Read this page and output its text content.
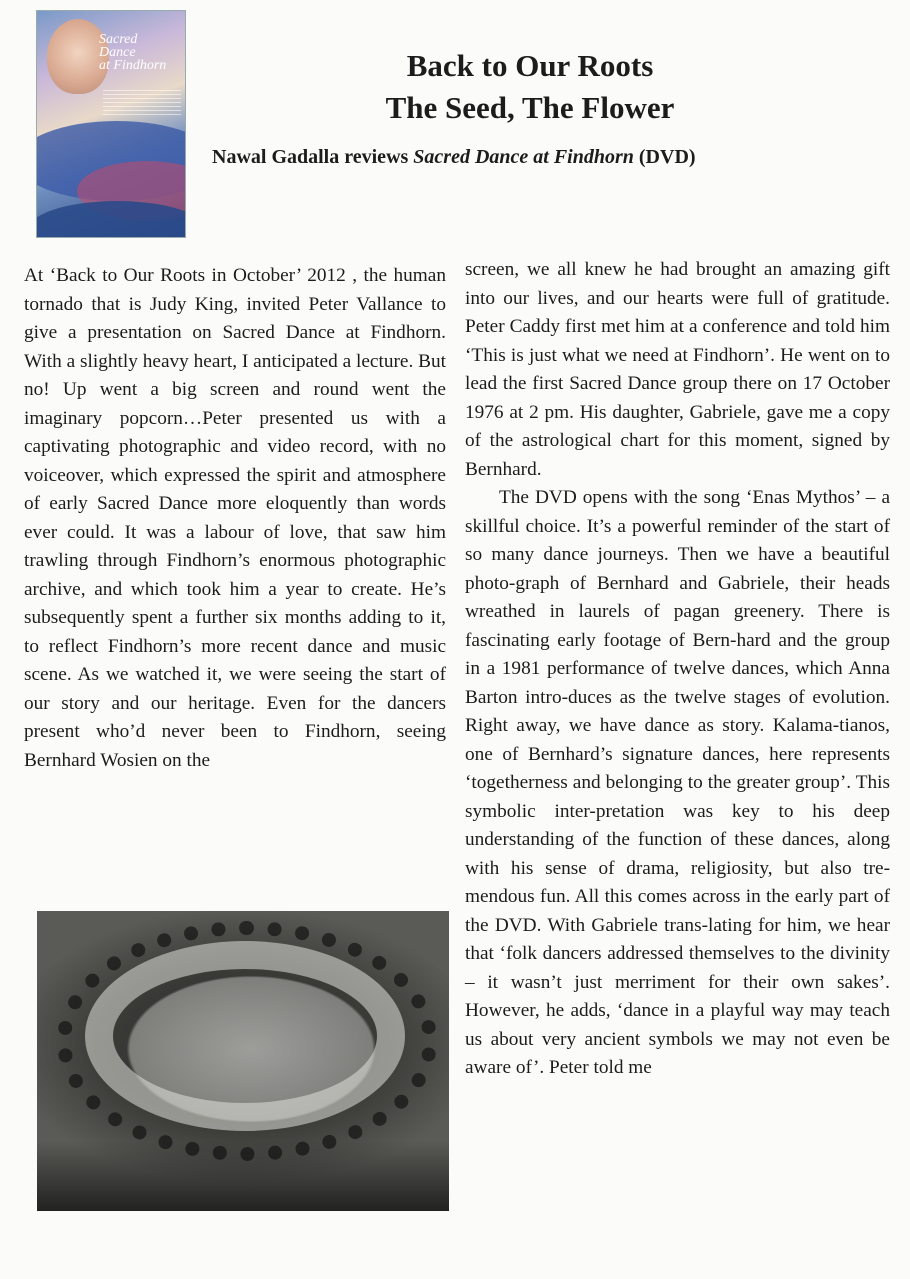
Sacred
Dance
at Findhorn	Back to Our Roots
The Seed, The Flower

Nawal Gadalla reviews Sacred Dance at Findhorn (DVD)

At ‘Back to Our Roots in October’ 2012 , the human tornado that is Judy King, invited Peter Vallance to give a presentation on Sacred Dance at Findhorn. With a slightly heavy heart, I anticipated a lecture. But no! Up went a big screen and round went the imaginary popcorn…Peter presented us with a captivating photographic and video record, with no voiceover, which expressed the spirit and atmosphere of early Sacred Dance more eloquently than words ever could. It was a labour of love, that saw him trawling through Findhorn’s enormous photographic archive, and which took him a year to create. He’s subsequently spent a further six months adding to it, to reflect Findhorn’s more recent dance and music scene. As we watched it, we were seeing the start of our story and our heritage. Even for the dancers present who’d never been to Findhorn, seeing Bernhard Wosien on the

screen, we all knew he had brought an amazing gift into our lives, and our hearts were full of gratitude. Peter Caddy first met him at a conference and told him ‘This is just what we need at Findhorn’. He went on to lead the first Sacred Dance group there on 17 October 1976 at 2 pm. His daughter, Gabriele, gave me a copy of the astrological chart for this moment, signed by Bernhard.

The DVD opens with the song ‘Enas Mythos’ – a skillful choice. It’s a powerful reminder of the start of so many dance journeys. Then we have a beautiful photo-graph of Bernhard and Gabriele, their heads wreathed in laurels of pagan greenery. There is fascinating early footage of Bern-hard and the group in a 1981 performance of twelve dances, which Anna Barton intro-duces as the twelve stages of evolution. Right away, we have dance as story. Kalama-tianos, one of Bernhard’s signature dances, here represents ‘togetherness and belonging to the greater group’. This symbolic inter-pretation was key to his deep understanding of the function of these dances, along with his sense of drama, religiosity, but also tre-mendous fun. All this comes across in the early part of the DVD. With Gabriele trans-lating for him, we hear that ‘folk dancers addressed themselves to the divinity – it wasn’t just merriment for their own sakes’. However, he adds, ‘dance in a playful way may teach us about very ancient symbols we may not even be aware of’. Peter told me
